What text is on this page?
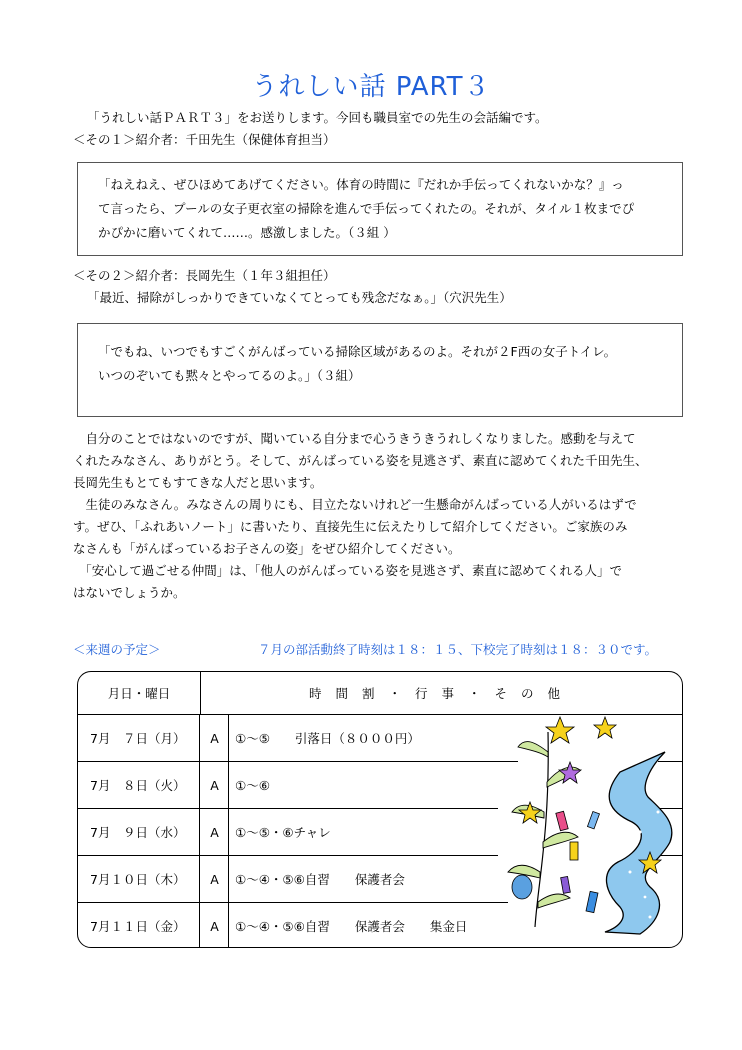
うれしい話 PART３
「うれしい話ＰＡＲＴ３」をお送りします。今回も職員室での先生の会話編です。
＜その１＞紹介者：千田先生（保健体育担当）
「ねえねえ、ぜひほめてあげてください。体育の時間に『だれか手伝ってくれないかな？』っ
て言ったら、プールの女子更衣室の掃除を進んで手伝ってくれたの。それが、タイル１枚までぴ
かぴかに磨いてくれて……。感激しました。（３組 ）
＜その２＞紹介者：長岡先生（１年３組担任）
「最近、掃除がしっかりできていなくてとっても残念だなぁ。」（穴沢先生）
「でもね、いつでもすごくがんばっている掃除区域があるのよ。それが２F西の女子トイレ。
いつのぞいても黙々とやってるのよ。」（３組）
　自分のことではないのですが、聞いている自分まで心うきうきうれしくなりました。感動を与えて
くれたみなさん、ありがとう。そして、がんばっている姿を見逃さず、素直に認めてくれた千田先生、
長岡先生もとてもすてきな人だと思います。
　生徒のみなさん。みなさんの周りにも、目立たないけれど一生懸命がんばっている人がいるはずで
す。ぜひ、「ふれあいノート」に書いたり、直接先生に伝えたりして紹介してください。ご家族のみ
なさんも「がんばっているお子さんの姿」をぜひ紹介してください。
　「安心して過ごせる仲間」は、「他人のがんばっている姿を見逃さず、素直に認めてくれる人」で
はないでしょうか。
＜来週の予定＞	７月の部活動終了時刻は１８：１５、下校完了時刻は１８：３０です。
月日・曜日	時間割・行事・その他
7月　７日（月）	A	①～⑤　　引落日（８０００円）
7月　８日（火）	A	①～⑥
7月　９日（水）	A	①～⑤・⑥チャレ
7月１０日（木）	A	①～④・⑤⑥自習　　保護者会
7月１１日（金）	A	①～④・⑤⑥自習　　保護者会　　集金日
